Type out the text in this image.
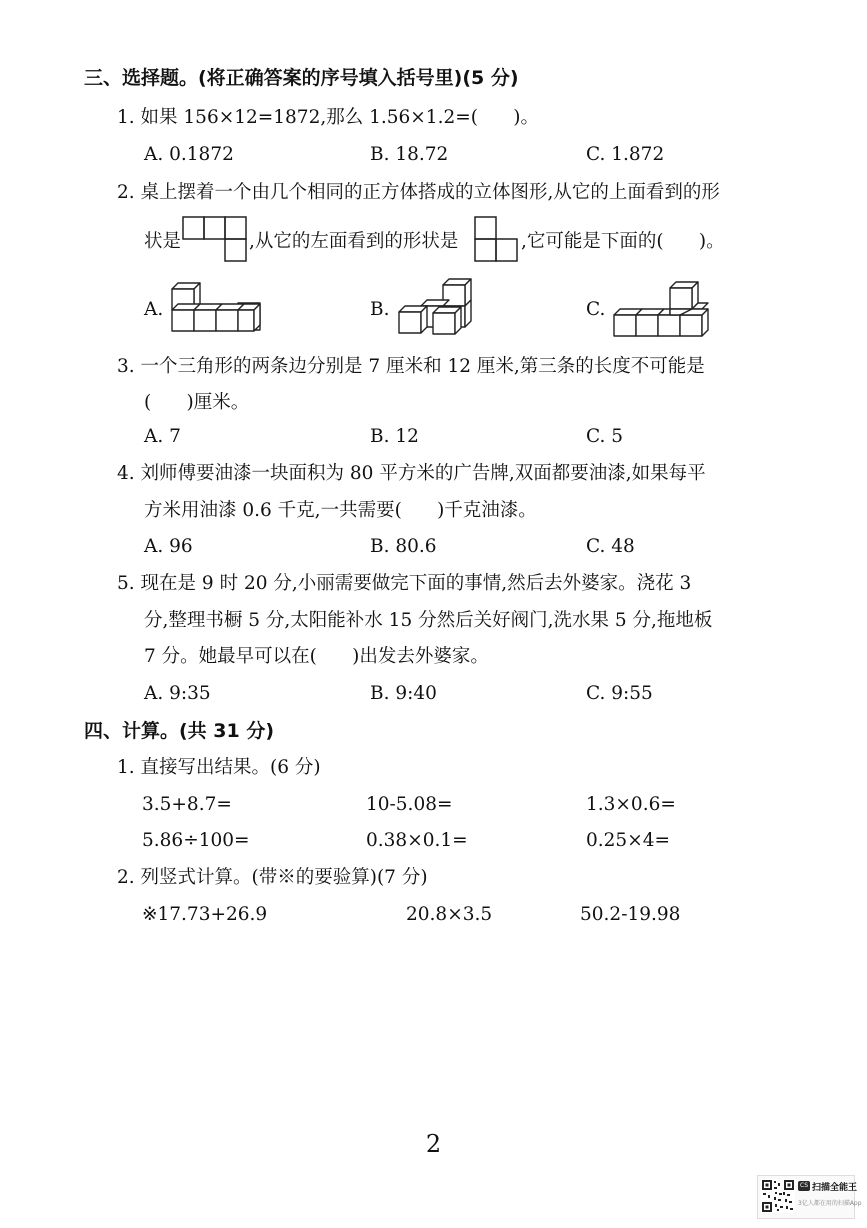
三、选择题。(将正确答案的序号填入括号里)(5 分)
1. 如果 156×12=1872,那么 1.56×1.2=(      )。
A. 0.1872	B. 18.72	C. 1.872
2. 桌上摆着一个由几个相同的正方体搭成的立体图形,从它的上面看到的形
状是	,从它的左面看到的形状是	,它可能是下面的(      )。
A.	B.	C.
3. 一个三角形的两条边分别是 7 厘米和 12 厘米,第三条的长度不可能是
(      )厘米。
A. 7	B. 12	C. 5
4. 刘师傅要油漆一块面积为 80 平方米的广告牌,双面都要油漆,如果每平
方米用油漆 0.6 千克,一共需要(      )千克油漆。
A. 96	B. 80.6	C. 48
5. 现在是 9 时 20 分,小丽需要做完下面的事情,然后去外婆家。浇花 3
分,整理书橱 5 分,太阳能补水 15 分然后关好阀门,洗水果 5 分,拖地板
7 分。她最早可以在(      )出发去外婆家。
A. 9:35	B. 9:40	C. 9:55
四、计算。(共 31 分)
1. 直接写出结果。(6 分)
3.5+8.7=	10-5.08=	1.3×0.6=
5.86÷100=	0.38×0.1=	0.25×4=
2. 列竖式计算。(带※的要验算)(7 分)
※17.73+26.9	20.8×3.5	50.2-19.98
2
CS 扫描全能王
3亿人都在用的扫描App
